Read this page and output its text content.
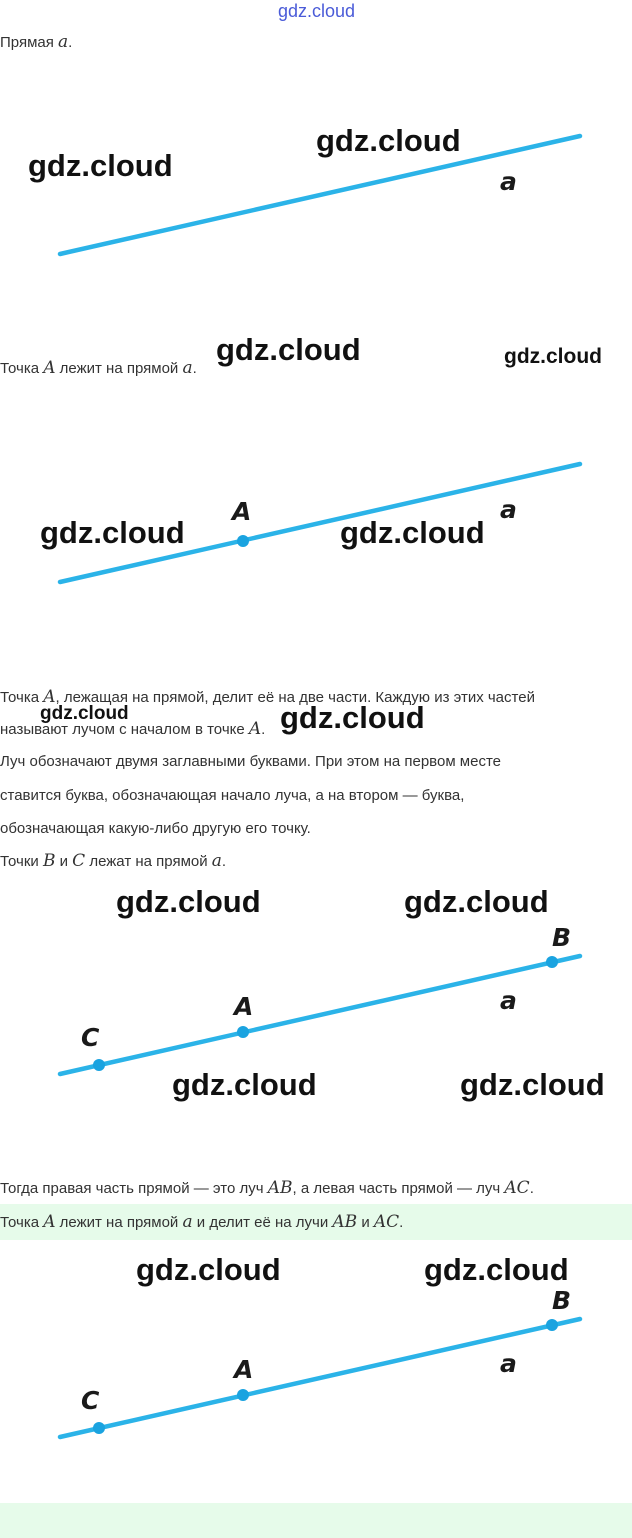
gdz.cloud
Прямая a.
a
gdz.cloud
gdz.cloud
Точка A лежит на прямой a.
gdz.cloud	gdz.cloud
A	a
gdz.cloud	gdz.cloud
Точка A, лежащая на прямой, делит её на две части. Каждую из этих частей
называют лучом с началом в точке A.
gdz.cloud	gdz.cloud
Луч обозначают двумя заглавными буквами. При этом на первом месте
ставится буква, обозначающая начало луча, а на втором — буква,
обозначающая какую-либо другую его точку.
Точки B и C лежат на прямой a.
C
A
B
a
gdz.cloud	gdz.cloud
gdz.cloud	gdz.cloud
Тогда правая часть прямой — это луч AB, а левая часть прямой — луч AC.
Точка A лежит на прямой a и делит её на лучи AB и AC.
C
A
B
a
gdz.cloud	gdz.cloud
